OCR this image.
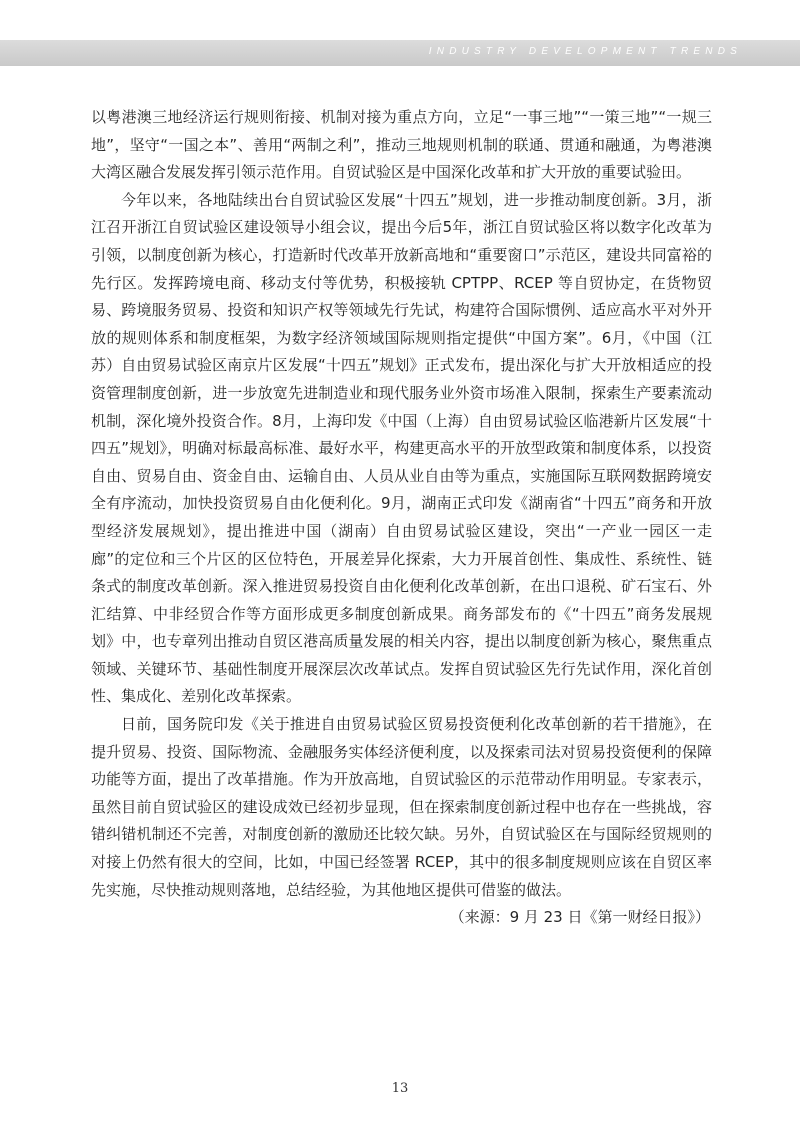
INDUSTRY DEVELOPMENT TRENDS

以粤港澳三地经济运行规则衔接、机制对接为重点方向，立足“一事三地”“一策三地”“一规三地”，坚守“一国之本”、善用“两制之利”，推动三地规则机制的联通、贯通和融通，为粤港澳大湾区融合发展发挥引领示范作用。自贸试验区是中国深化改革和扩大开放的重要试验田。

今年以来，各地陆续出台自贸试验区发展“十四五”规划，进一步推动制度创新。3月，浙江召开浙江自贸试验区建设领导小组会议，提出今后5年，浙江自贸试验区将以数字化改革为引领，以制度创新为核心，打造新时代改革开放新高地和“重要窗口”示范区，建设共同富裕的先行区。发挥跨境电商、移动支付等优势，积极接轨 CPTPP、RCEP 等自贸协定，在货物贸易、跨境服务贸易、投资和知识产权等领域先行先试，构建符合国际惯例、适应高水平对外开放的规则体系和制度框架，为数字经济领域国际规则指定提供“中国方案”。6月，《中国（江苏）自由贸易试验区南京片区发展“十四五”规划》正式发布，提出深化与扩大开放相适应的投资管理制度创新，进一步放宽先进制造业和现代服务业外资市场准入限制，探索生产要素流动机制，深化境外投资合作。8月，上海印发《中国（上海）自由贸易试验区临港新片区发展“十四五”规划》，明确对标最高标准、最好水平，构建更高水平的开放型政策和制度体系，以投资自由、贸易自由、资金自由、运输自由、人员从业自由等为重点，实施国际互联网数据跨境安全有序流动，加快投资贸易自由化便利化。9月，湖南正式印发《湖南省“十四五”商务和开放型经济发展规划》，提出推进中国（湖南）自由贸易试验区建设，突出“一产业一园区一走廊”的定位和三个片区的区位特色，开展差异化探索，大力开展首创性、集成性、系统性、链条式的制度改革创新。深入推进贸易投资自由化便利化改革创新，在出口退税、矿石宝石、外汇结算、中非经贸合作等方面形成更多制度创新成果。商务部发布的《“十四五”商务发展规划》中，也专章列出推动自贸区港高质量发展的相关内容，提出以制度创新为核心，聚焦重点领域、关键环节、基础性制度开展深层次改革试点。发挥自贸试验区先行先试作用，深化首创性、集成化、差别化改革探索。

日前，国务院印发《关于推进自由贸易试验区贸易投资便利化改革创新的若干措施》，在提升贸易、投资、国际物流、金融服务实体经济便利度，以及探索司法对贸易投资便利的保障功能等方面，提出了改革措施。作为开放高地，自贸试验区的示范带动作用明显。专家表示，虽然目前自贸试验区的建设成效已经初步显现，但在探索制度创新过程中也存在一些挑战，容错纠错机制还不完善，对制度创新的激励还比较欠缺。另外，自贸试验区在与国际经贸规则的对接上仍然有很大的空间，比如，中国已经签署 RCEP，其中的很多制度规则应该在自贸区率先实施，尽快推动规则落地，总结经验，为其他地区提供可借鉴的做法。

（来源：9 月 23 日《第一财经日报》）

13
